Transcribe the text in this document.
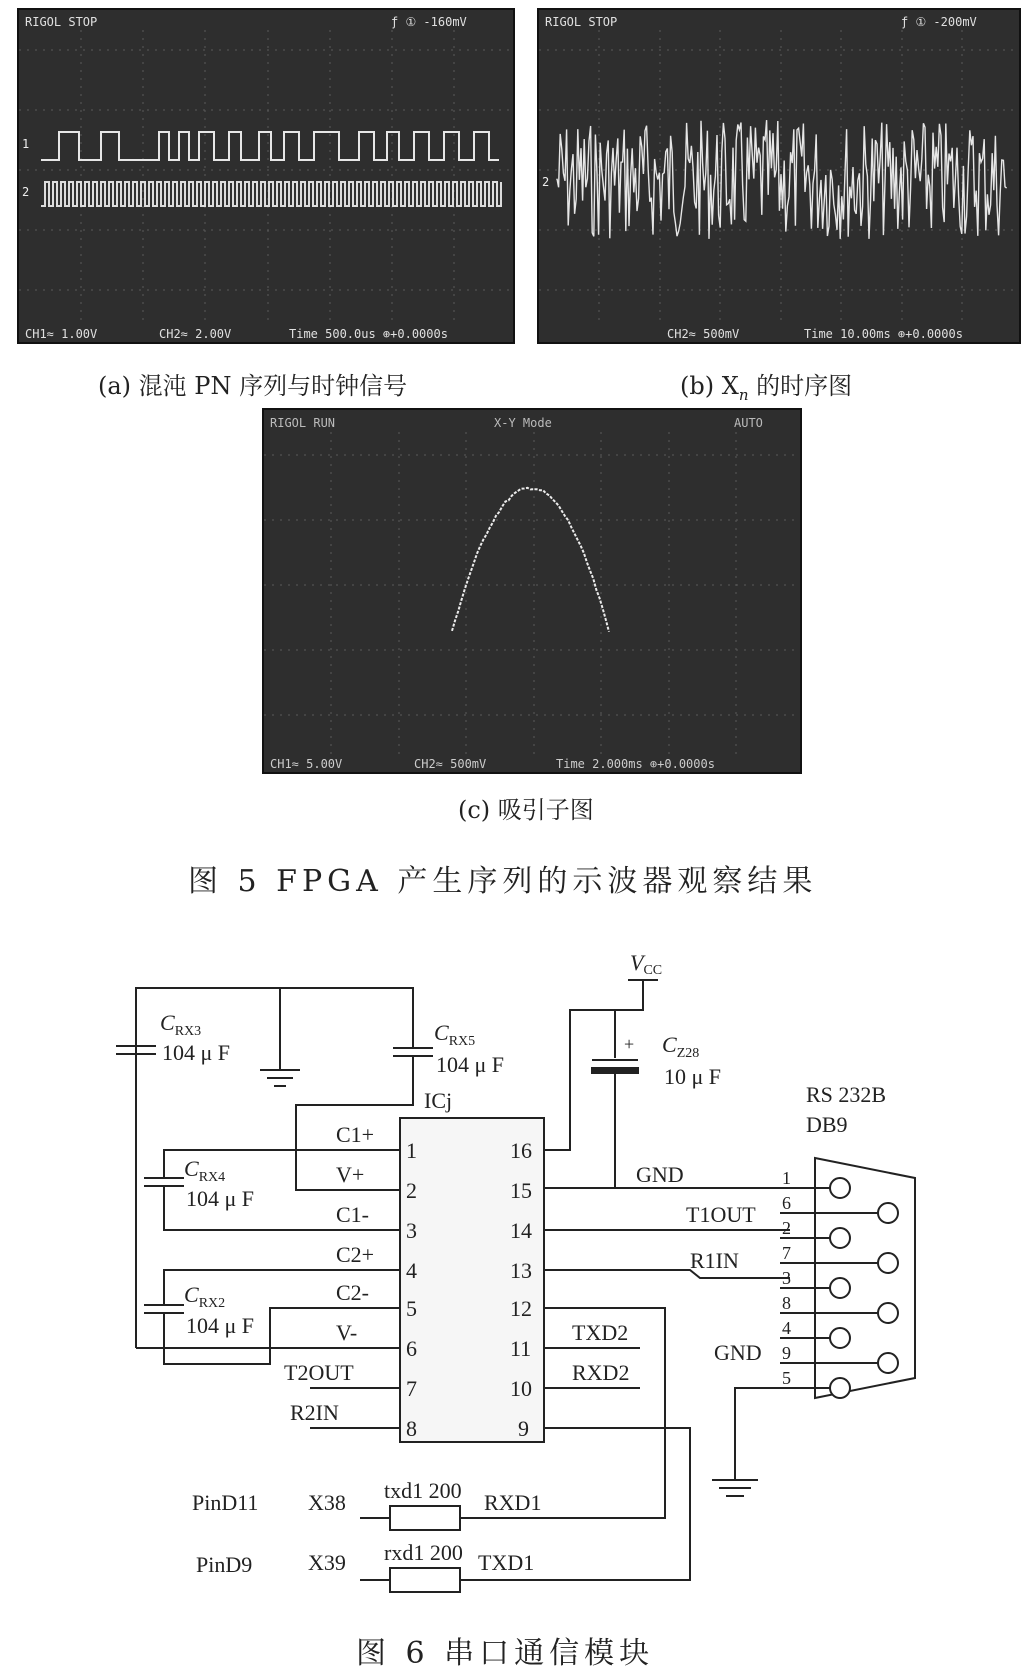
1
2
RIGOL STOP	ƒ ① -160mV
CH1≈ 1.00V	CH2≈ 2.00V	Time 500.0us ⊕+0.0000s
2
RIGOL STOP	ƒ ① -200mV
CH2≈ 500mV	Time 10.00ms ⊕+0.0000s
(a) 混沌 PN 序列与时钟信号	(b) $X_n$ 的时序图
RIGOL RUN	X-Y Mode	AUTO
CH1≈ 5.00V	CH2≈ 500mV	Time 2.000ms ⊕+0.0000s
(c) 吸引子图
图 5 FPGA 产生序列的示波器观察结果
VCC
$C_{RX3}$
104 μ F
$C_{RX5}$
104 μ F
$C_{RX4}$
104 μ F
$C_{RX2}$
104 μ F
$C_{Z28}$
10 μ F
+
ICj
C1+
V+
C1-
C2+
C2-
V-
T2OUT
R2IN
1
2
3
4
5
6
7
8
16
15
14
13
12
11
10
9
GND
T1OUT
R1IN
TXD2
RXD2
RS 232B
DB9
1
6
2
7
3
8
4
9
5
GND
PinD11 X38 txd1 200 RXD1
PinD9	X39 rxd1 200 TXD1
图 6 串口通信模块
